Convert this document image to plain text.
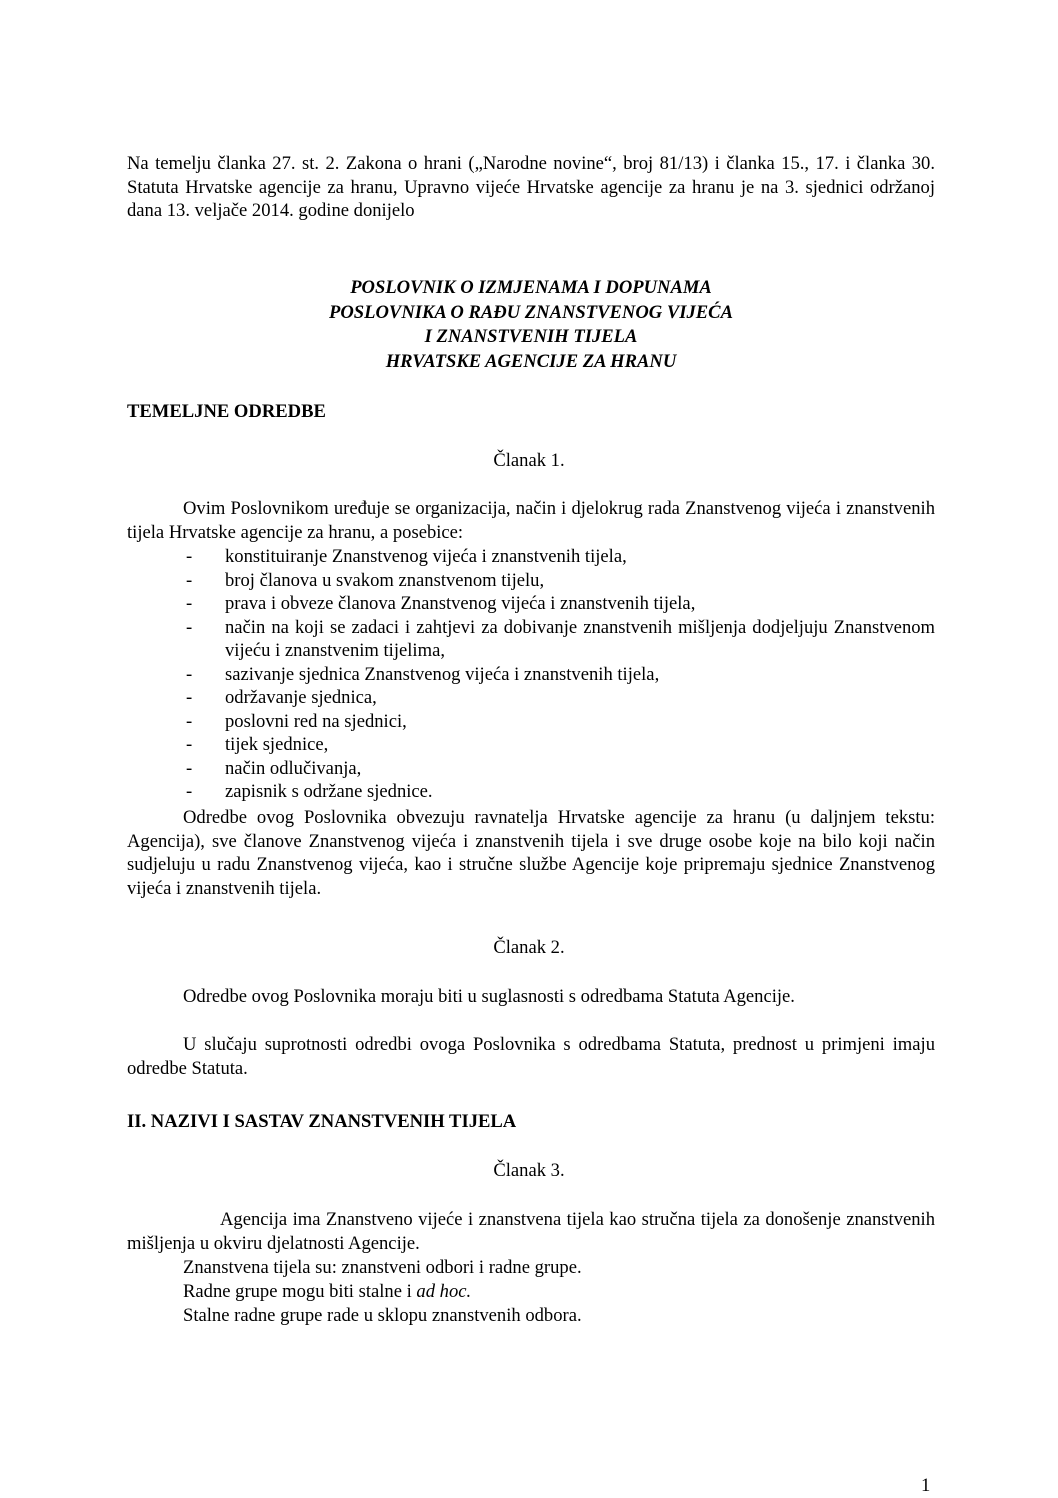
Na temelju članka 27. st. 2. Zakona o hrani („Narodne novine“, broj 81/13) i članka 15., 17. i članka 30. Statuta Hrvatske agencije za hranu, Upravno vijeće Hrvatske agencije za hranu je na 3. sjednici održanoj dana 13. veljače 2014. godine donijelo
POSLOVNIK O IZMJENAMA I DOPUNAMA
POSLOVNIKA O RAĐU ZNANSTVENOG VIJEĆA
I ZNANSTVENIH TIJELA
HRVATSKE AGENCIJE ZA HRANU
TEMELJNE ODREDBE
Članak 1.
Ovim Poslovnikom uređuje se organizacija, način i djelokrug rada Znanstvenog vijeća i znanstvenih tijela Hrvatske agencije za hranu, a posebice:
- konstituiranje Znanstvenog vijeća i znanstvenih tijela,
- broj članova u svakom znanstvenom tijelu,
- prava i obveze članova Znanstvenog vijeća i znanstvenih tijela,
- način na koji se zadaci i zahtjevi za dobivanje znanstvenih mišljenja dodjeljuju Znanstvenom vijeću i znanstvenim tijelima,
- sazivanje sjednica Znanstvenog vijeća i znanstvenih tijela,
- održavanje sjednica,
- poslovni red na sjednici,
- tijek sjednice,
- način odlučivanja,
- zapisnik s održane sjednice.
Odredbe ovog Poslovnika obvezuju ravnatelja Hrvatske agencije za hranu (u daljnjem tekstu: Agencija), sve članove Znanstvenog vijeća i znanstvenih tijela i sve druge osobe koje na bilo koji način sudjeluju u radu Znanstvenog vijeća, kao i stručne službe Agencije koje pripremaju sjednice Znanstvenog vijeća i znanstvenih tijela.
Članak 2.
Odredbe ovog Poslovnika moraju biti u suglasnosti s odredbama Statuta Agencije.
U slučaju suprotnosti odredbi ovoga Poslovnika s odredbama Statuta, prednost u primjeni imaju odredbe Statuta.
II. NAZIVI I SASTAV ZNANSTVENIH TIJELA
Članak 3.
Agencija ima Znanstveno vijeće i znanstvena tijela kao stručna tijela za donošenje znanstvenih mišljenja u okviru djelatnosti Agencije.
Znanstvena tijela su: znanstveni odbori i radne grupe.
Radne grupe mogu biti stalne i ad hoc.
Stalne radne grupe rade u sklopu znanstvenih odbora.
1
